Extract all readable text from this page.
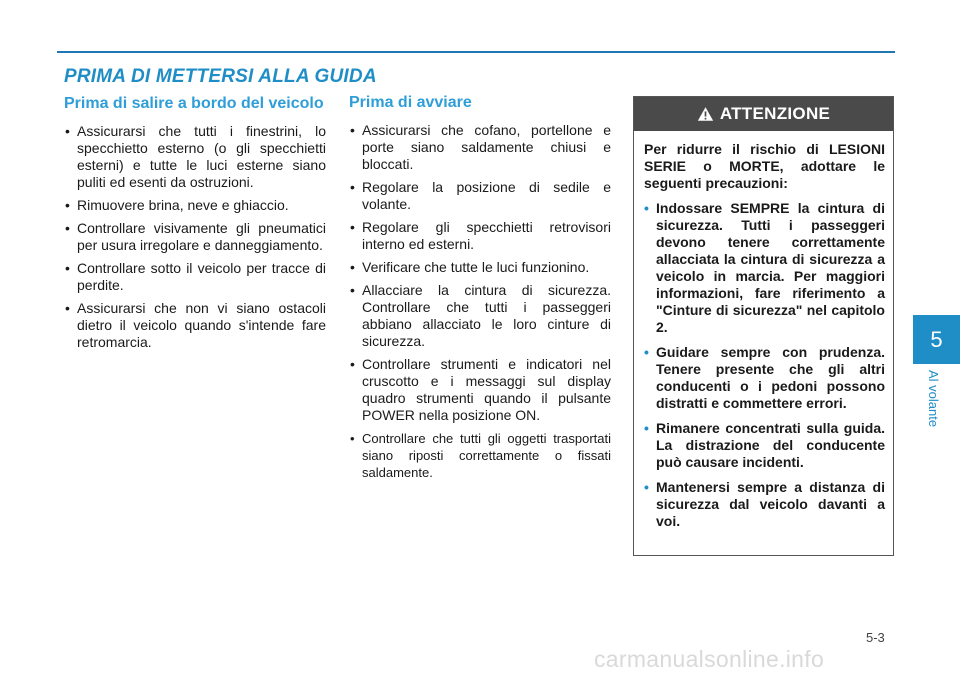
PRIMA DI METTERSI ALLA GUIDA
Prima di salire a bordo del veicolo
• Assicurarsi che tutti i finestrini, lo specchietto esterno (o gli specchietti esterni) e tutte le luci esterne siano puliti ed esenti da ostruzioni.
• Rimuovere brina, neve e ghiaccio.
• Controllare visivamente gli pneumatici per usura irregolare e danneggiamento.
• Controllare sotto il veicolo per tracce di perdite.
• Assicurarsi che non vi siano ostacoli dietro il veicolo quando s'intende fare retromarcia.
Prima di avviare
• Assicurarsi che cofano, portellone e porte siano saldamente chiusi e bloccati.
• Regolare la posizione di sedile e volante.
• Regolare gli specchietti retrovisori interno ed esterni.
• Verificare che tutte le luci funzionino.
• Allacciare la cintura di sicurezza. Controllare che tutti i passeggeri abbiano allacciato le loro cinture di sicurezza.
• Controllare strumenti e indicatori nel cruscotto e i messaggi sul display quadro strumenti quando il pulsante POWER nella posizione ON.
• Controllare che tutti gli oggetti trasportati siano riposti correttamente o fissati saldamente.
ATTENZIONE
Per ridurre il rischio di LESIONI SERIE o MORTE, adottare le seguenti precauzioni:
• Indossare SEMPRE la cintura di sicurezza. Tutti i passeggeri devono tenere correttamente allacciata la cintura di sicurezza a veicolo in marcia. Per maggiori informazioni, fare riferimento a "Cinture di sicurezza" nel capitolo 2.
• Guidare sempre con prudenza. Tenere presente che gli altri conducenti o i pedoni possono distratti e commettere errori.
• Rimanere concentrati sulla guida. La distrazione del conducente può causare incidenti.
• Mantenersi sempre a distanza di sicurezza dal veicolo davanti a voi.
5
Al volante
5-3
carmanualsonline.info
